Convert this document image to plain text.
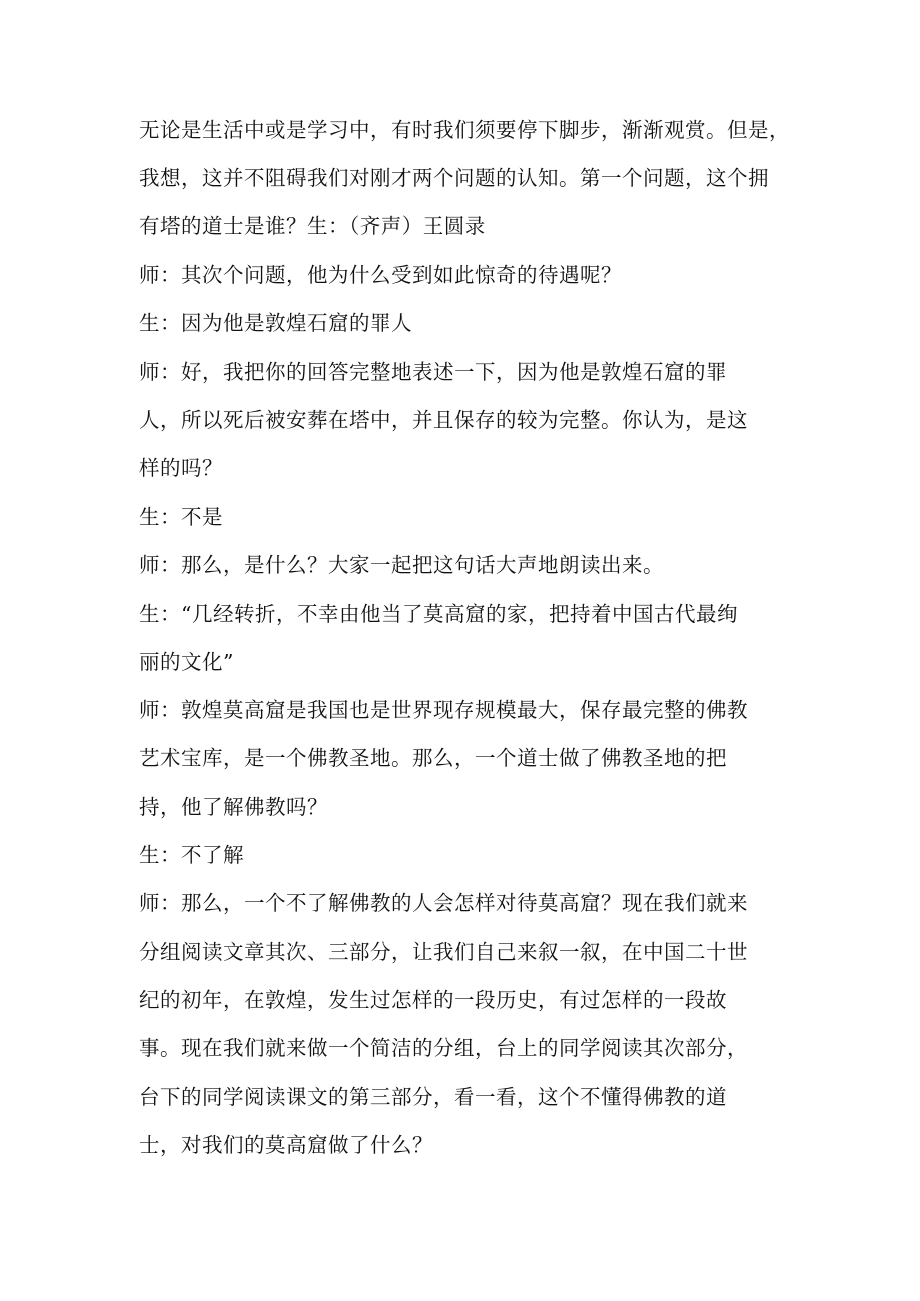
无论是生活中或是学习中，有时我们须要停下脚步，渐渐观赏。但是，
我想，这并不阻碍我们对刚才两个问题的认知。第一个问题，这个拥
有塔的道士是谁？生：（齐声）王圆录
师：其次个问题，他为什么受到如此惊奇的待遇呢？
生：因为他是敦煌石窟的罪人
师：好，我把你的回答完整地表述一下，因为他是敦煌石窟的罪
人，所以死后被安葬在塔中，并且保存的较为完整。你认为，是这
样的吗？
生：不是
师：那么，是什么？大家一起把这句话大声地朗读出来。
生：“几经转折，不幸由他当了莫高窟的家，把持着中国古代最绚
丽的文化”
师：敦煌莫高窟是我国也是世界现存规模最大，保存最完整的佛教
艺术宝库，是一个佛教圣地。那么，一个道士做了佛教圣地的把
持，他了解佛教吗？
生：不了解
师：那么，一个不了解佛教的人会怎样对待莫高窟？现在我们就来
分组阅读文章其次、三部分，让我们自己来叙一叙，在中国二十世
纪的初年，在敦煌，发生过怎样的一段历史，有过怎样的一段故
事。现在我们就来做一个简洁的分组，台上的同学阅读其次部分，
台下的同学阅读课文的第三部分，看一看，这个不懂得佛教的道
士，对我们的莫高窟做了什么？
